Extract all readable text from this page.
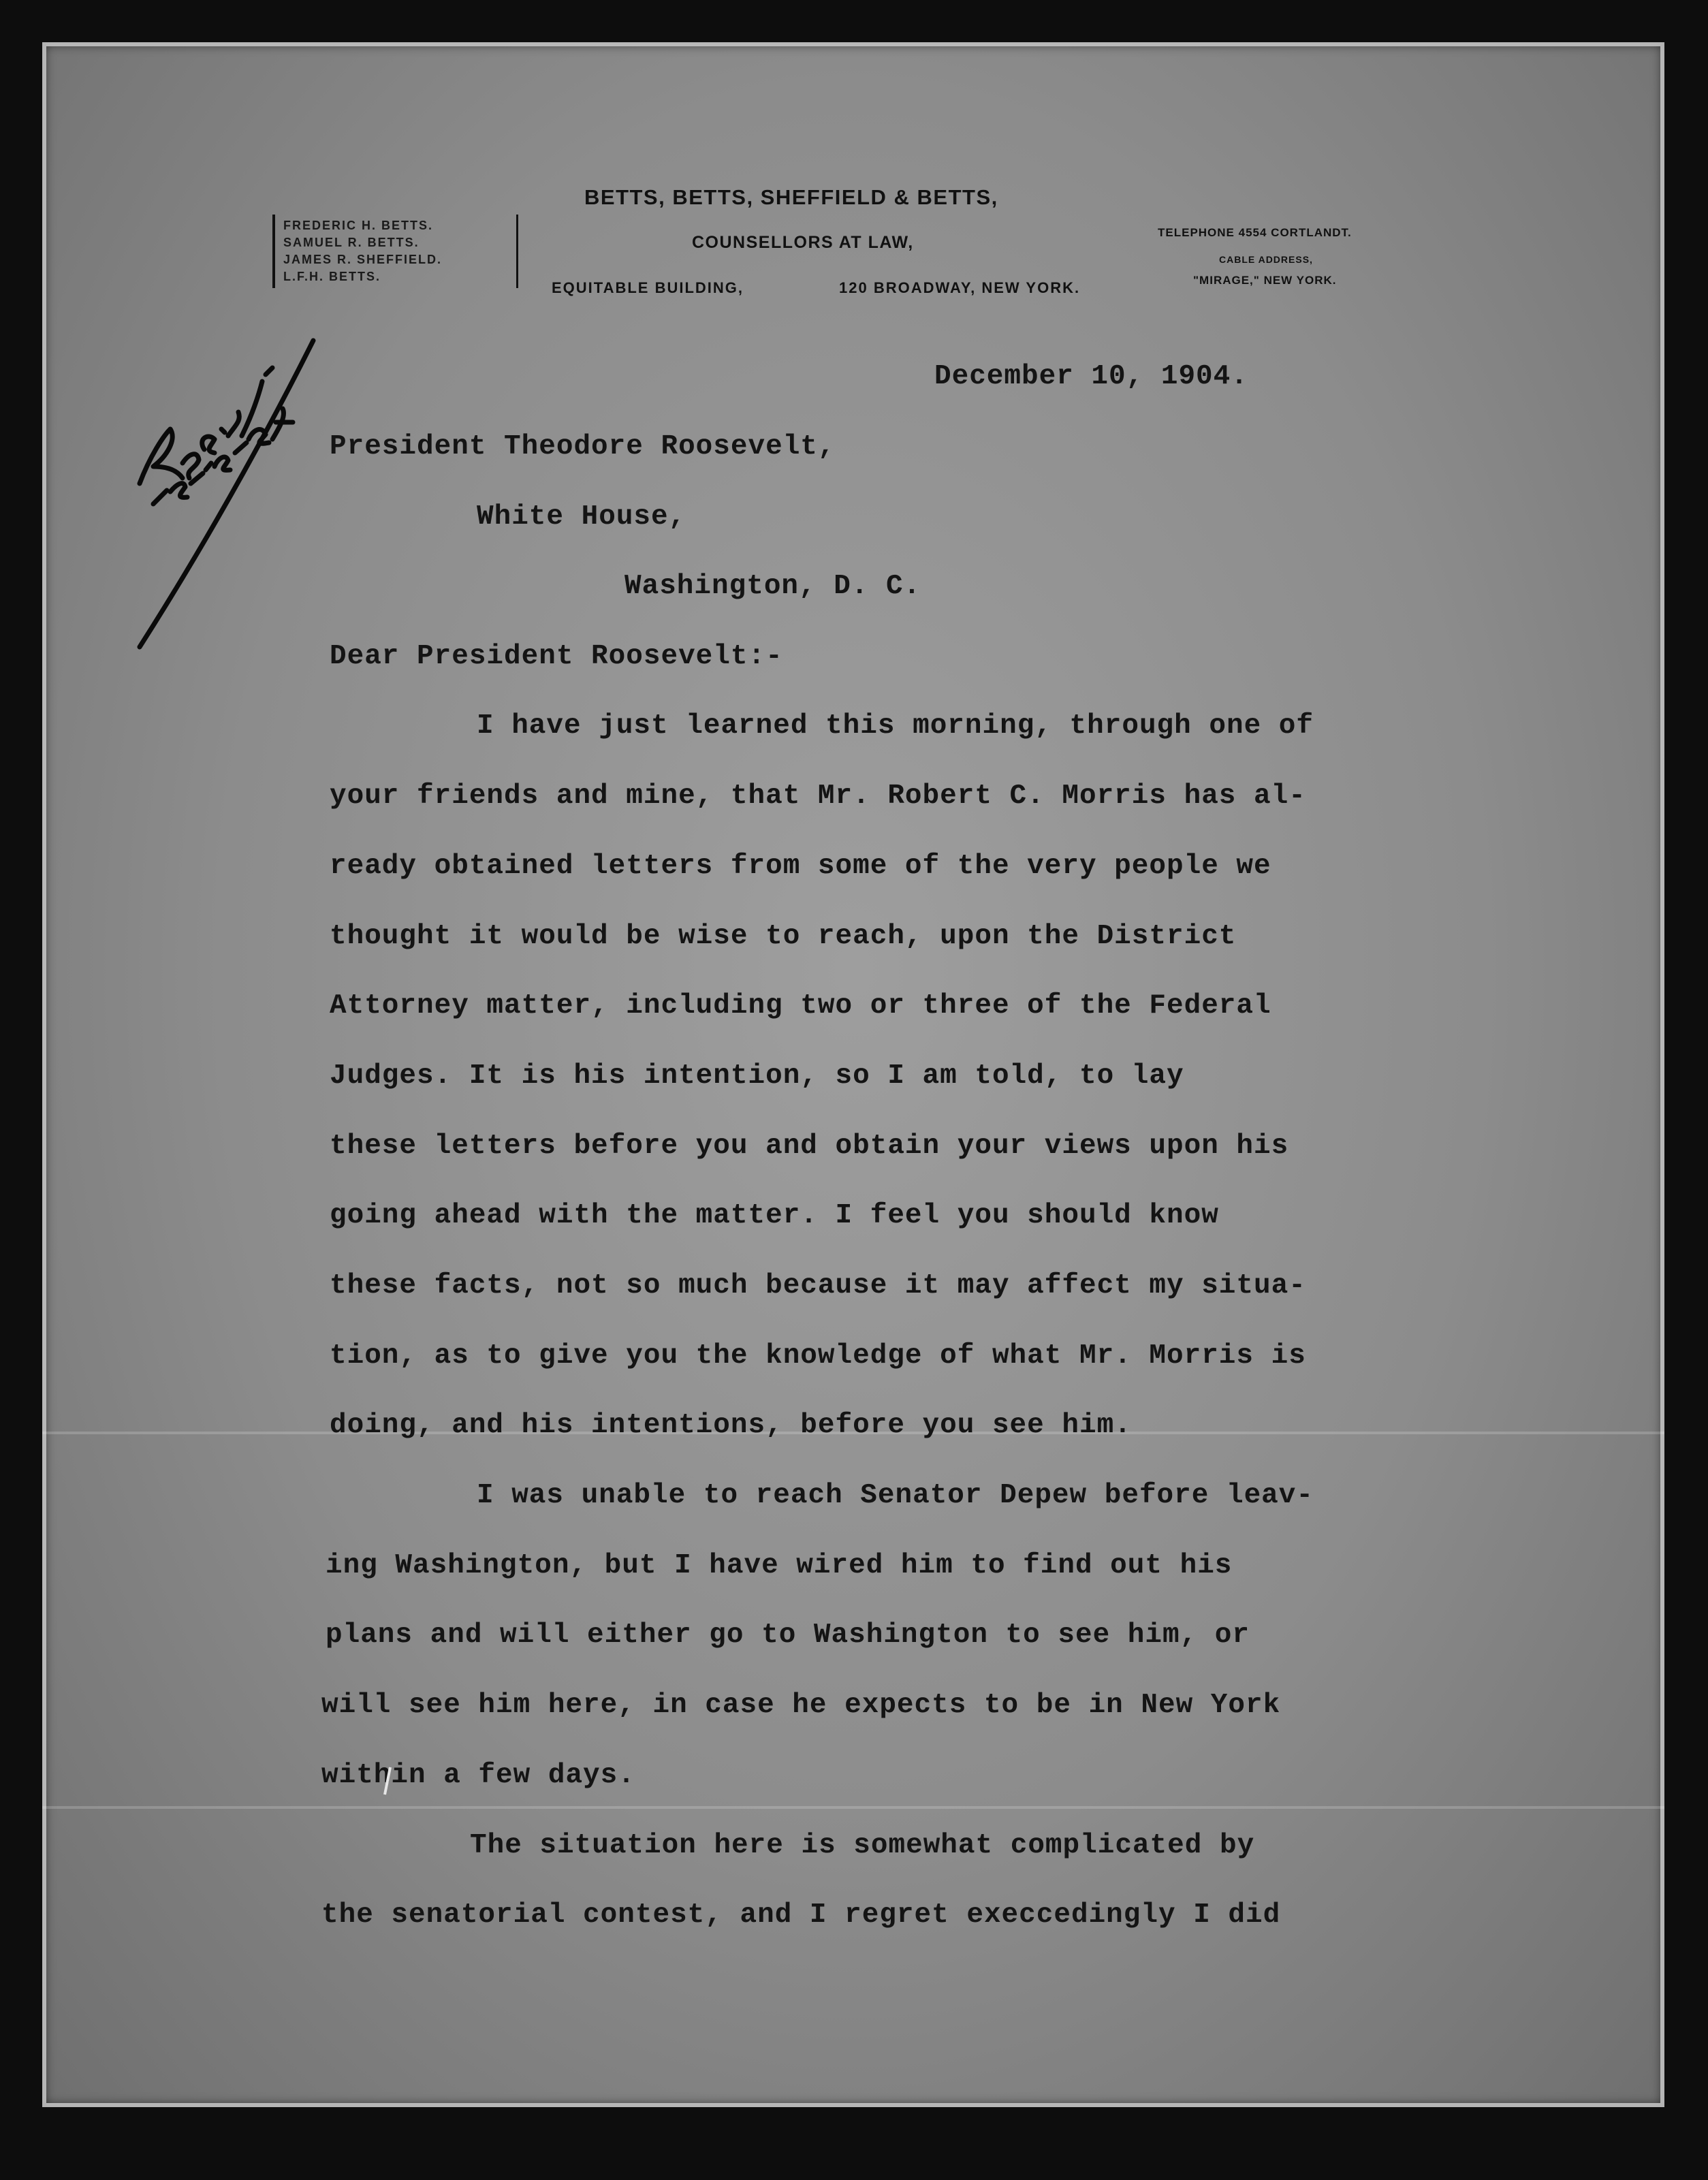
FREDERIC H. BETTS.
SAMUEL R. BETTS.
JAMES R. SHEFFIELD.
L.F.H. BETTS.
BETTS, BETTS, SHEFFIELD & BETTS,
COUNSELLORS AT LAW,
EQUITABLE BUILDING,	120 BROADWAY, NEW YORK.
TELEPHONE 4554 CORTLANDT.
CABLE ADDRESS,
"MIRAGE," NEW YORK.
December 10, 1904.
President Theodore Roosevelt,
White House,
Washington, D. C.
Dear President Roosevelt:-
I have just learned this morning, through one of
your friends and mine, that Mr. Robert C. Morris has al-
ready obtained letters from some of the very people we
thought it would be wise to reach, upon the District
Attorney matter, including two or three of the Federal
Judges. It is his intention, so I am told, to lay
these letters before you and obtain your views upon his
going ahead with the matter. I feel you should know
these facts, not so much because it may affect my situa-
tion, as to give you the knowledge of what Mr. Morris is
doing, and his intentions, before you see him.
I was unable to reach Senator Depew before leav-
ing Washington, but I have wired him to find out his
plans and will either go to Washington to see him, or
will see him here, in case he expects to be in New York
within a few days.
The situation here is somewhat complicated by
the senatorial contest, and I regret execcedingly I did
